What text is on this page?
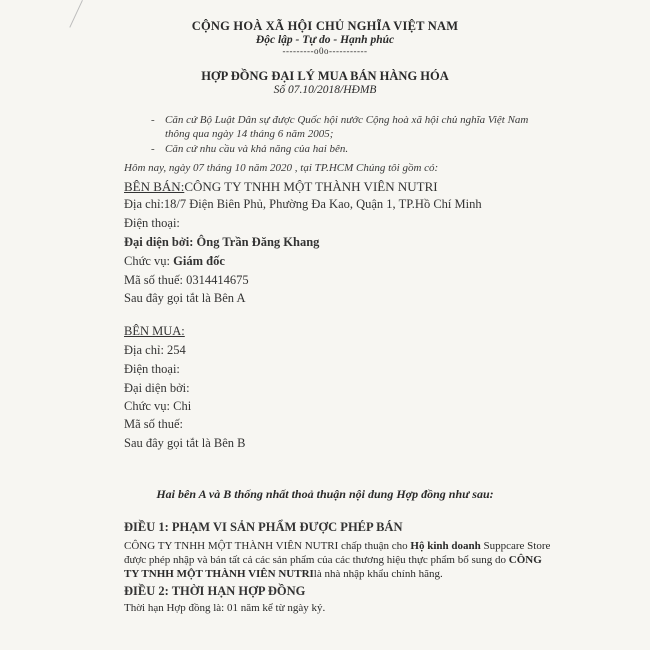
CỘNG HOÀ XÃ HỘI CHỦ NGHĨA VIỆT NAM
Độc lập - Tự do - Hạnh phúc
---------o0o-----------
HỢP ĐỒNG ĐẠI LÝ MUA BÁN HÀNG HÓA
Số 07.10/2018/HĐMB
- Căn cứ Bộ Luật Dân sự được Quốc hội nước Cộng hoà xã hội chủ nghĩa Việt Nam
thông qua ngày 14 tháng 6 năm 2005;
- Căn cứ nhu cầu và khả năng của hai bên.
Hôm nay, ngày 07 tháng 10 năm 2020 , tại TP.HCM Chúng tôi gồm có:
BÊN BÁN:CÔNG TY TNHH MỘT THÀNH VIÊN NUTRI
Địa chỉ:18/7 Điện Biên Phủ, Phường Đa Kao, Quận 1, TP.Hồ Chí Minh
Điện thoại:
Đại diện bởi: Ông Trần Đăng Khang
Chức vụ: Giám đốc
Mã số thuế: 0314414675
Sau đây gọi tắt là Bên A
BÊN MUA:
Địa chỉ: 254
Điện thoại:
Đại diện bởi:
Chức vụ: Chi
Mã số thuế:
Sau đây gọi tắt là Bên B
Hai bên A và B thống nhất thoả thuận nội dung Hợp đồng như sau:
ĐIỀU 1: PHẠM VI SẢN PHẨM ĐƯỢC PHÉP BÁN
CÔNG TY TNHH MỘT THÀNH VIÊN NUTRI chấp thuận cho Hộ kinh doanh Suppcare Store
được phép nhập và bán tất cả các sản phẩm của các thương hiệu thực phẩm bổ sung do CÔNG
TY TNHH MỘT THÀNH VIÊN NUTRIlà nhà nhập khẩu chính hãng.
ĐIỀU 2: THỜI HẠN HỢP ĐỒNG
Thời hạn Hợp đồng là: 01 năm kể từ ngày ký.
